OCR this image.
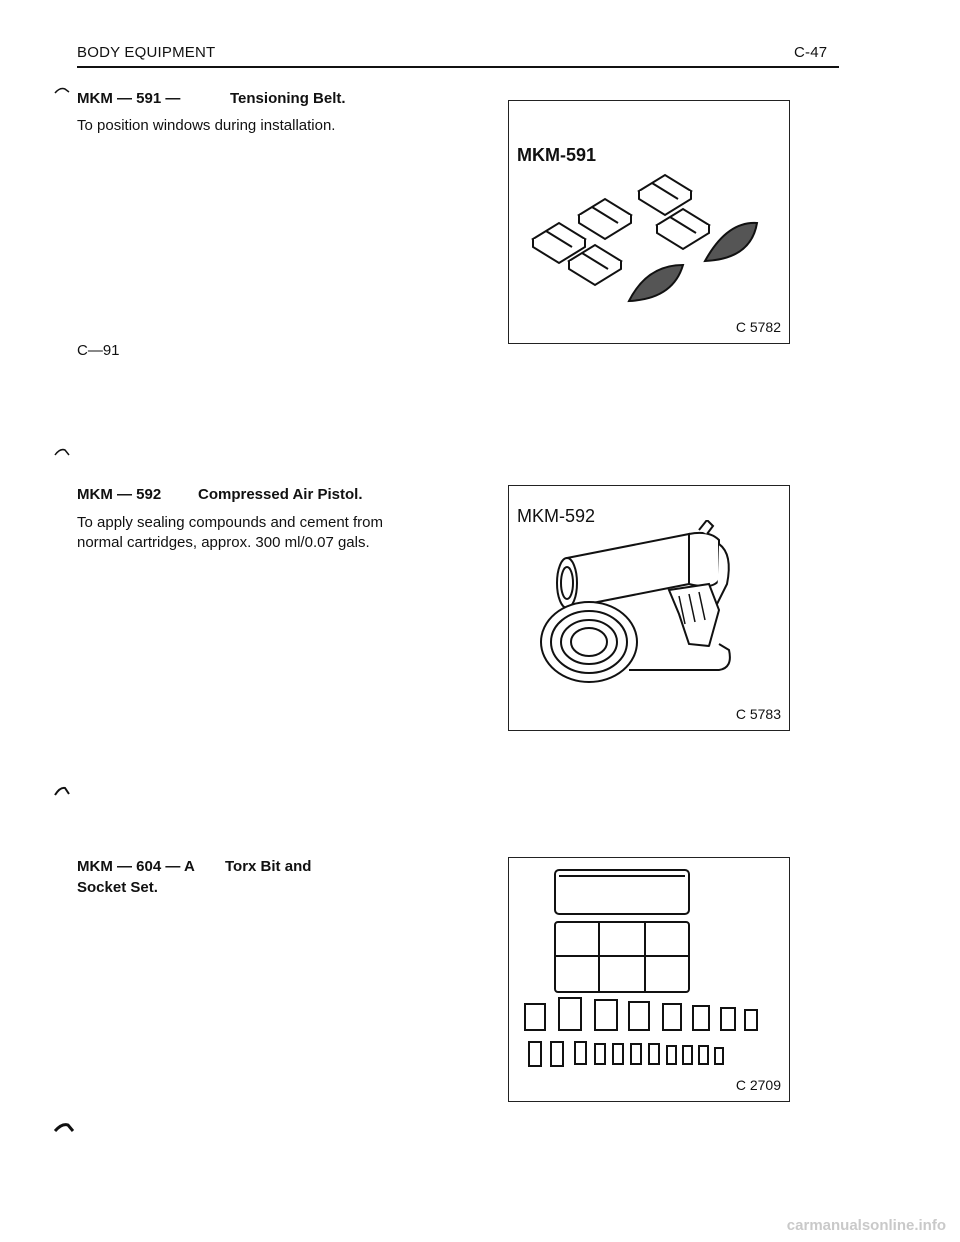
BODY EQUIPMENT	C-47
MKM — 591 —	Tensioning Belt.
To position windows during installation.
C—91
MKM-591
C 5782
MKM — 592 Compressed Air Pistol.
To apply sealing compounds and cement from
normal cartridges, approx. 300 ml/0.07 gals.
MKM-592
C 5783
MKM — 604 — A Torx Bit and
Socket Set.
C 2709
carmanualsonline.info
